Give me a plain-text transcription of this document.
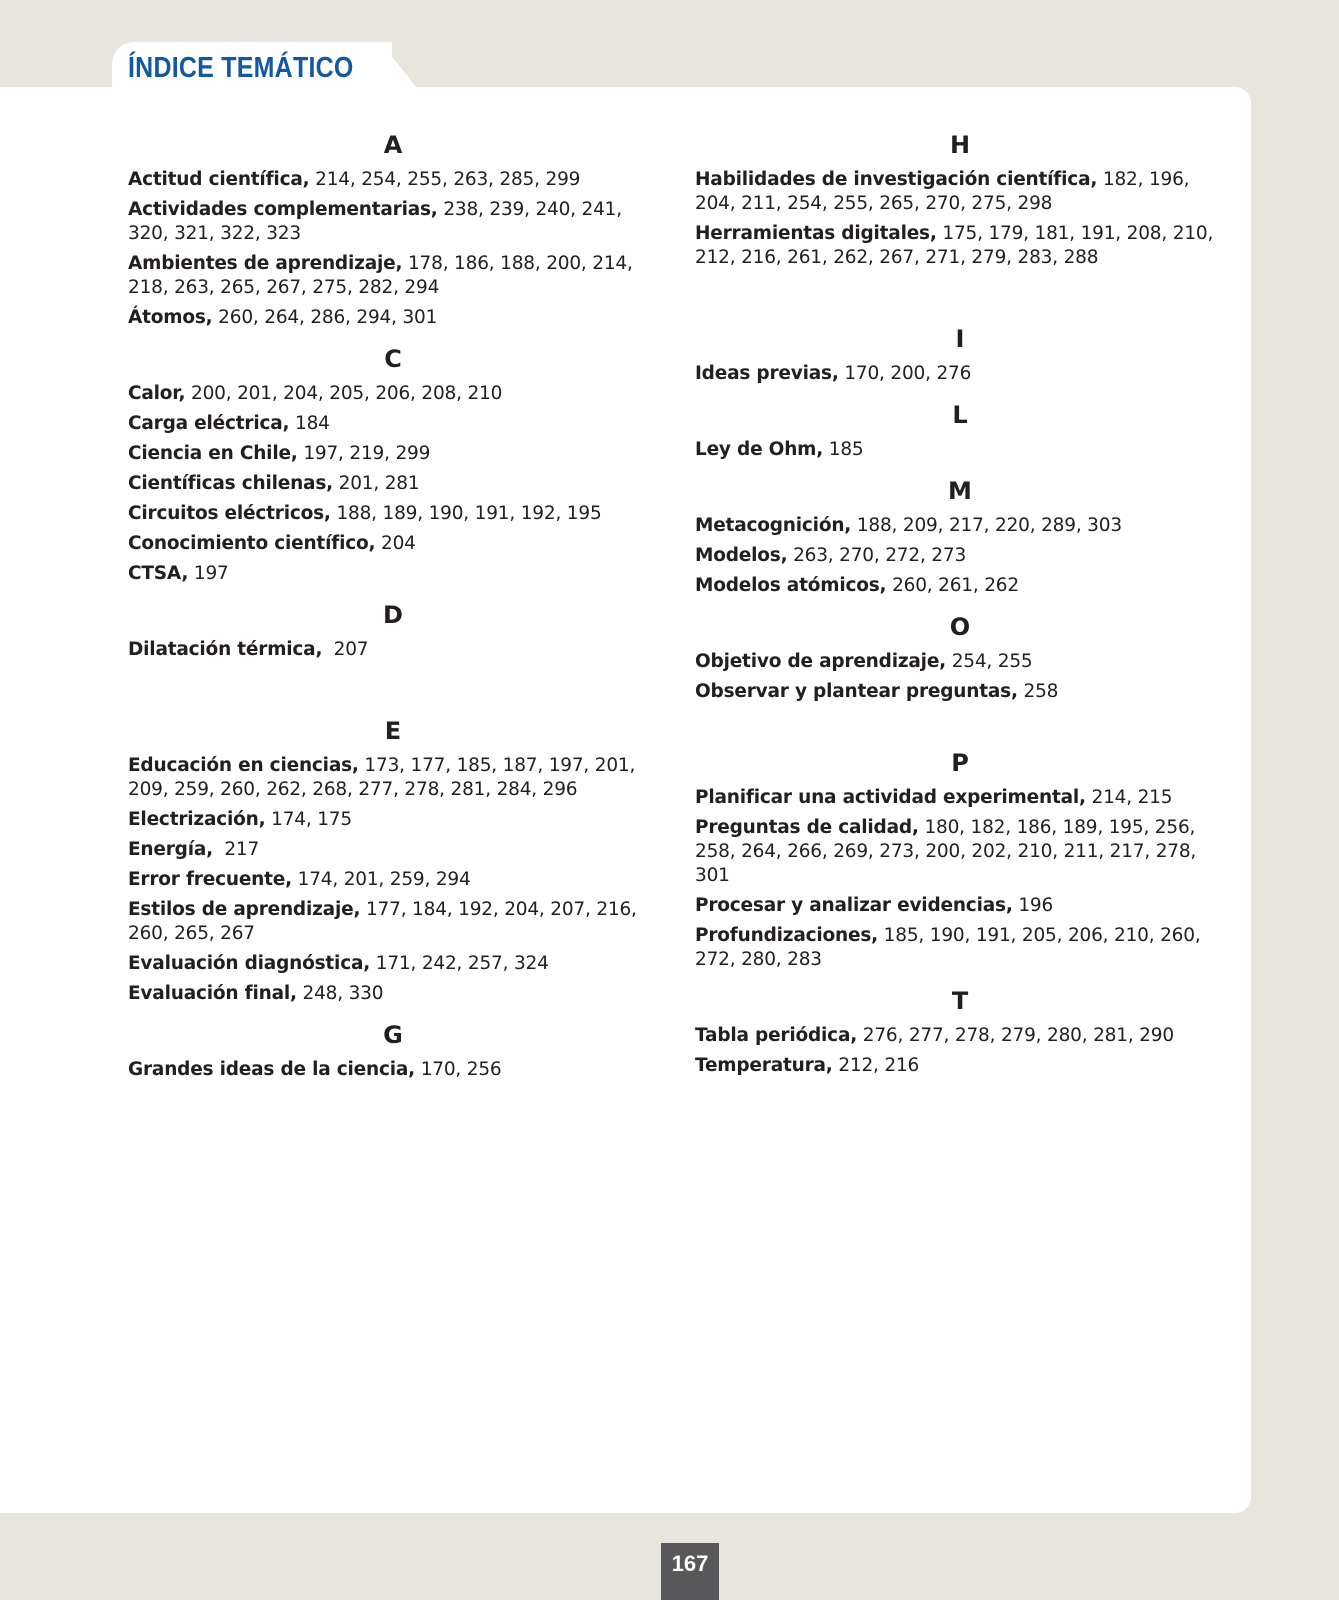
ÍNDICE TEMÁTICO
A

Actitud científica, 214, 254, 255, 263, 285, 299

Actividades complementarias, 238, 239, 240, 241, 320, 321, 322, 323

Ambientes de aprendizaje, 178, 186, 188, 200, 214, 218, 263, 265, 267, 275, 282, 294

Átomos, 260, 264, 286, 294, 301

C

Calor, 200, 201, 204, 205, 206, 208, 210

Carga eléctrica, 184

Ciencia en Chile, 197, 219, 299

Científicas chilenas, 201, 281

Circuitos eléctricos, 188, 189, 190, 191, 192, 195

Conocimiento científico, 204

CTSA, 197

D

Dilatación térmica,  207

E

Educación en ciencias, 173, 177, 185, 187, 197, 201, 209, 259, 260, 262, 268, 277, 278, 281, 284, 296

Electrización, 174, 175

Energía,  217

Error frecuente, 174, 201, 259, 294

Estilos de aprendizaje, 177, 184, 192, 204, 207, 216, 260, 265, 267

Evaluación diagnóstica, 171, 242, 257, 324

Evaluación final, 248, 330

G

Grandes ideas de la ciencia, 170, 256

H

Habilidades de investigación científica, 182, 196, 204, 211, 254, 255, 265, 270, 275, 298

Herramientas digitales, 175, 179, 181, 191, 208, 210, 212, 216, 261, 262, 267, 271, 279, 283, 288

I

Ideas previas, 170, 200, 276

L

Ley de Ohm, 185

M

Metacognición, 188, 209, 217, 220, 289, 303

Modelos, 263, 270, 272, 273

Modelos atómicos, 260, 261, 262

O

Objetivo de aprendizaje, 254, 255

Observar y plantear preguntas, 258

P

Planificar una actividad experimental, 214, 215

Preguntas de calidad, 180, 182, 186, 189, 195, 256, 258, 264, 266, 269, 273, 200, 202, 210, 211, 217, 278, 301

Procesar y analizar evidencias, 196

Profundizaciones, 185, 190, 191, 205, 206, 210, 260, 272, 280, 283

T

Tabla periódica, 276, 277, 278, 279, 280, 281, 290

Temperatura, 212, 216

167
